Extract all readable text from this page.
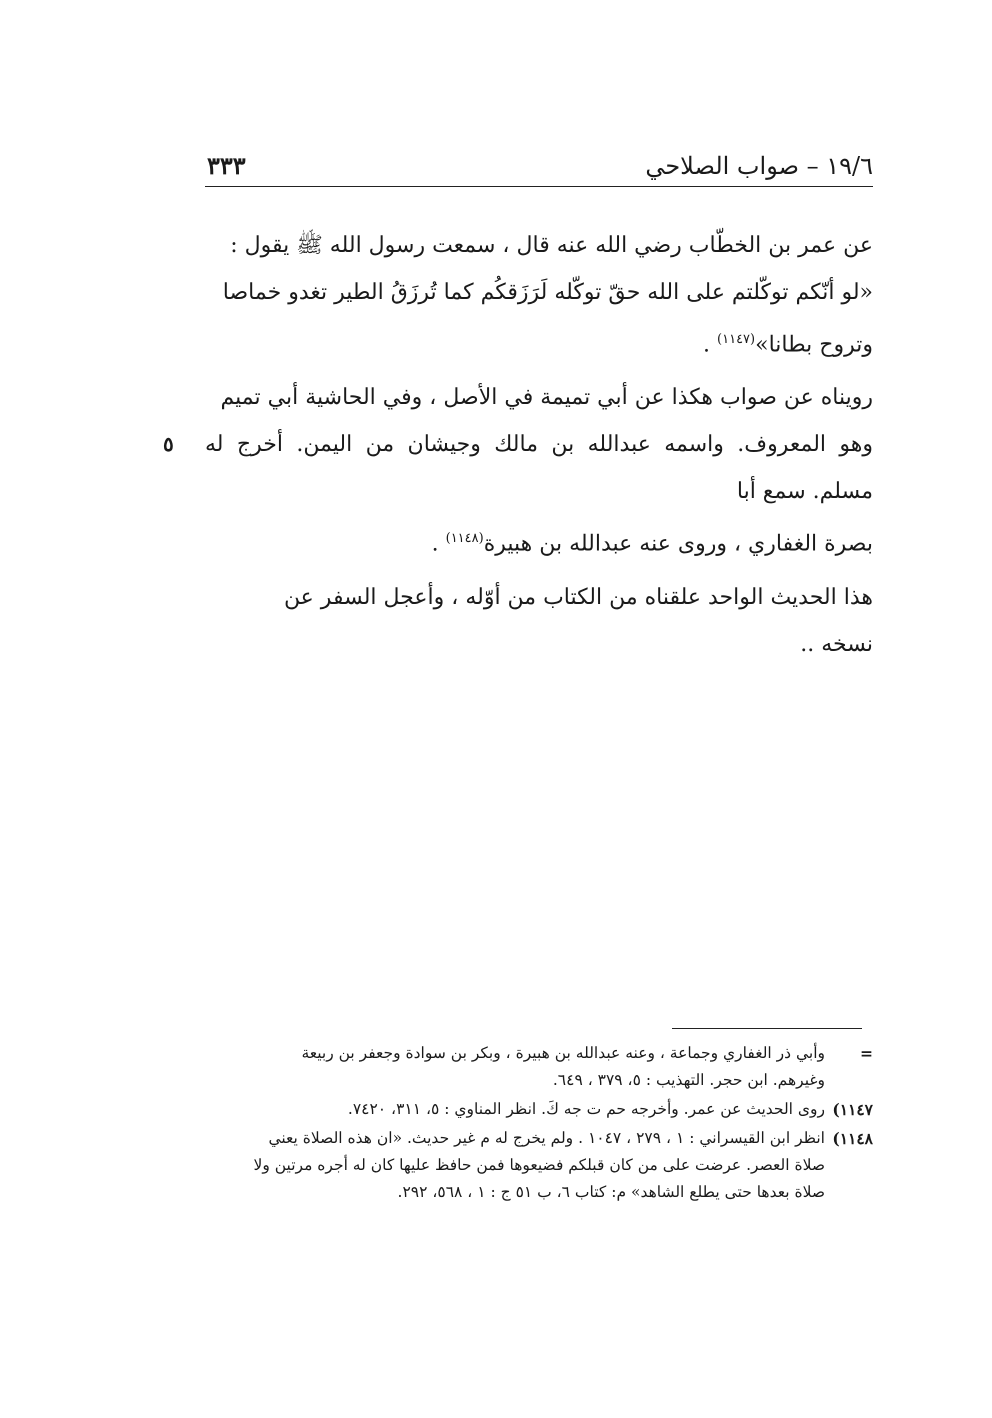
١٩/٦ – صواب الصلاحي
٣٣٣

عن عمر بن الخطّاب رضي الله عنه قال ، سمعت رسول الله ﷺ يقول :
«لو أنّكم توكّلتم على الله حقّ توكّله لَرَزَقكُم كما تُرزَقُ الطير تغدو خماصا
وتروح بطانا»$^{(١١٤٧)}$ .

رويناه عن صواب هكذا عن أبي تميمة في الأصل ، وفي الحاشية أبي تميم
وهو المعروف. واسمه عبدالله بن مالك وجيشان من اليمن. أخرج له مسلم. سمع أبا
٥
بصرة الغفاري ، وروى عنه عبدالله بن هبيرة$^{(١١٤٨)}$ .

هذا الحديث الواحد علقناه من الكتاب من أوّله ، وأعجل السفر عن
نسخه ..

=
وأبي ذر الغفاري وجماعة ، وعنه عبدالله بن هبيرة ، وبكر بن سوادة وجعفر بن ربيعة
وغيرهم. ابن حجر. التهذيب : ٥، ٣٧٩ ، ٦٤٩.
١١٤٧)
روى الحديث عن عمر. وأخرجه حم ت جه كَ. انظر المناوي : ٥، ٣١١، ٧٤٢٠.
١١٤٨)
انظر ابن القيسراني : ١ ، ٢٧٩ ، ١٠٤٧ . ولم يخرج له م غير حديث. «ان هذه الصلاة يعني
صلاة العصر. عرضت على من كان قبلكم فضيعوها فمن حافظ عليها كان له أجره مرتين ولا
صلاة بعدها حتى يطلع الشاهد» م: كتاب ٦، ب ٥١ ج : ١ ، ٥٦٨، ٢٩٢.
